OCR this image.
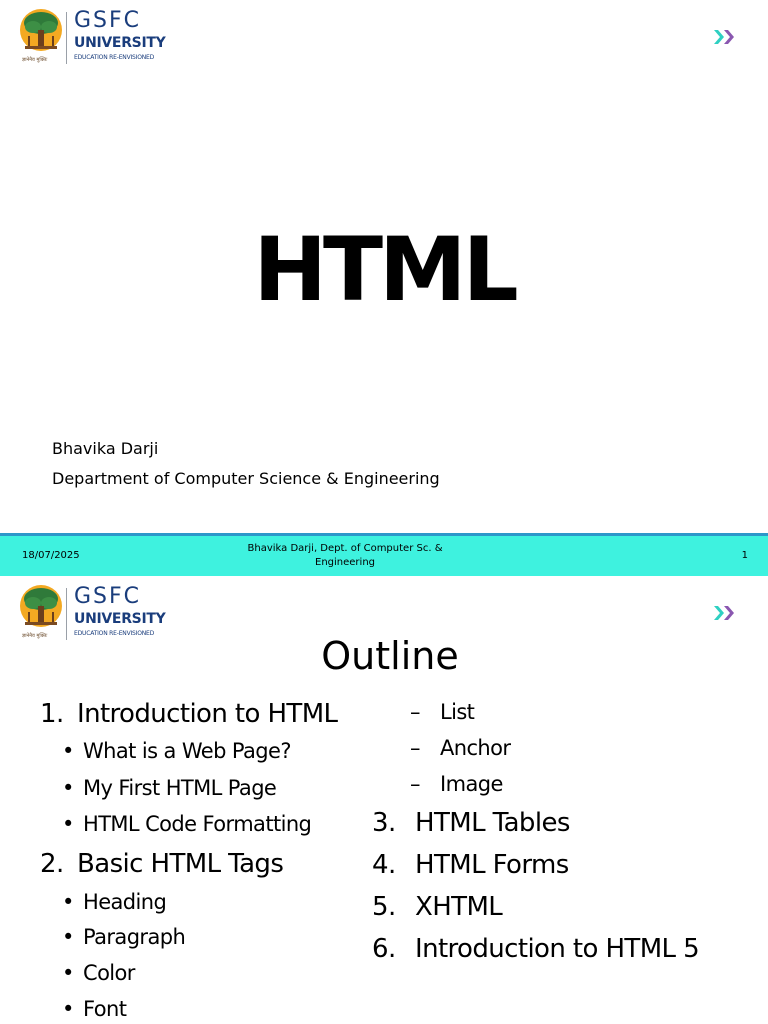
ज्ञानेनैव मुक्तिः
GSFC
UNIVERSITY
EDUCATION RE-ENVISIONED
HTML
Bhavika Darji
Department of Computer Science & Engineering
18/07/2025
Bhavika Darji, Dept. of Computer Sc. & Engineering
1
ज्ञानेनैव मुक्तिः
GSFC
UNIVERSITY
EDUCATION RE-ENVISIONED
Outline
1. Introduction to HTML
• What is a Web Page?
• My First HTML Page
• HTML Code Formatting
2. Basic HTML Tags
• Heading
• Paragraph
• Color
• Font
– List
– Anchor
– Image
3. HTML Tables
4. HTML Forms
5. XHTML
6. Introduction to HTML 5
